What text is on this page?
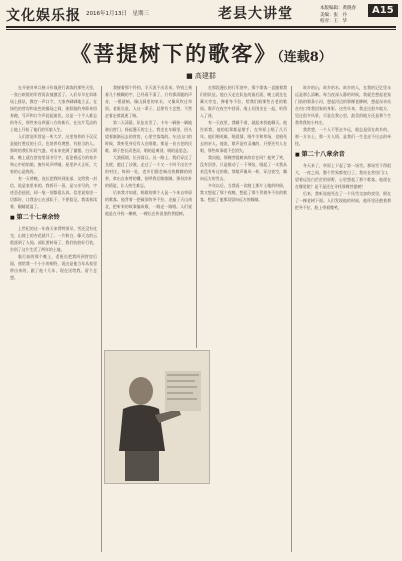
文化娱乐报 2016年1月13日　星期三	老县大讲堂	本版编辑：黄晓春
美编：张　丹
校对：王　华
A15
《菩提树下的歌客》（连载8）
■ 高建群

在开展对单兵格斗作战进行训练的那些天里，一张白纸般的军营再次被激活了。入们早早在训练场上排队，教官一声口令，大家齐刷刷地立正。在绿色的营房和灰色的操场之间，迷彩服的身影来回奔跑，号声和口令声此起彼伏。这是一个令人难忘的冬天，那些来自四面八方的新兵，在这片荒凉的土地上开始了他们的军旅人生。

人们常说军营是一所大学，这里培养的不仅仅是能打胜仗的士兵，也培养有理想、有担当的人。那时的我们年轻气盛，对未来充满了憧憬。白天训练，晚上就在营房里读书写字，谈论着远方的家乡和心中的姑娘。窗外风声呼啸，屋里炉火正旺，大家的心是热的。

有一天傍晚，连长把我叫到连部，交给我一封信，说是家里来的。我拆开一看，是父亲写的，字迹歪歪扭扭，却一笔一划都很认真。信里说家里一切都好，让我安心在部队干，不要惦记。我读着读着，眼睛就湿了。

■ 第二十七章余铃

上世纪的这一年春天来得特别早。雪还没有化完，山坡上的杏花就开了，一片粉白，像天边的云霞落到了人间。部队要转场了，我们收拾好行装，告别了这片生活了两年的土地。

临行前的那个晚上，老班长把我叫到营房后面，递给我一个小小的铜铃，说这是他当年从家里带出来的，跟了他十几年，现在送给我，留个念想。

我握着那个铃铛，半天说不出话来。铃铛上刻着几个模糊的字，已经看不清了，只有那清脆的声音，一摇就响，像山涧里的泉水，又像风吹过草原。老班长说，人这一辈子，总要有个念想，不然走着走着就迷了路。

第二天清晨，队伍出发了。卡车一辆接一辆地驶出营门，扬起漫天的尘土。我坐在车厢里，回头望着渐渐远去的营房，心里空落落的。车过山口的时候，我听见身后有人在唱歌，那是一首古老的民歌，调子悠长而苍凉，唱的是离别，唱的是思念。

大漠孤烟，长河落日。这一路上，我们穿过了戈壁，越过了沙漠，走过了一个又一个叫不出名字的村庄。每到一处，老乡们都会端出热腾腾的奶茶，拿出自家烤的馕，招呼我们歇歇脚。那份淳朴的情谊，让人终生难忘。

后来我才知道，唱歌的那个人是一个来自草原的歌客。他背着一把破旧的冬不拉，走遍了天山南北，把听来的故事编成歌，一路走一路唱。人们说他是在寻找一棵树，一棵长在传说里的菩提树。

在那段漫长的行军途中，那个歌客一直跟着我们的队伍。他白天走在队伍的最后面，晚上就坐在篝火旁边，弹着冬不拉，给我们唱那些古老的歌谣。歌声在夜空中回荡，战士们围坐在一起，听得入了迷。

有一天夜里，我睡不着，就起来找他聊天。他告诉我，他的祖辈都是歌手，在草原上唱了几百年。他们唱英雄，唱爱情，唱牛羊和草场，也唱死去的亲人。他说，歌声是有灵魂的，只要还有人在唱，那些故事就不会消失。

我问他，那棵菩提树真的存在吗？他笑了笑，没有回答，只是拨动了一下琴弦，唱起了一支我从来没有听过的歌。那歌声像风一样，穿过夜空，飘向远方的雪山。

多年以后，当我再一次踏上那片土地的时候，我又想起了那个夜晚，想起了那个背着冬不拉的歌客，想起了他那双望向远方的眼睛。

故乡的山，故乡的水，故乡的人，在我的记忆里永远是那么清晰。每当夜深人静的时候，我就会想起老家门前的那条小河，想起河边的那棵老柳树，想起母亲站在村口等我回家的身影。这些年来，我走过很多地方，见过很多风景，可是在我心里，最美的地方还是那个生我养我的小村庄。

我常想，一个人不管走多远，根总是留在故乡的。那一方水土，那一方人情，是我们一生也走不出去的牵挂。

■ 第二十八章余音

冬天来了，草原上下起了第一场雪。那场雪下得很大，一夜之间，整个世界都变白了。我站在营房门口，望着远处白茫茫的原野，心里想起了那个歌客。他现在在哪里呢？是不是还在寻找那棵菩提树？

后来，我听说他死在了一个风雪交加的夜里，倒在了一棵老树下面。人们发现他的时候，他怀里还抱着那把冬不拉，脸上带着微笑。
